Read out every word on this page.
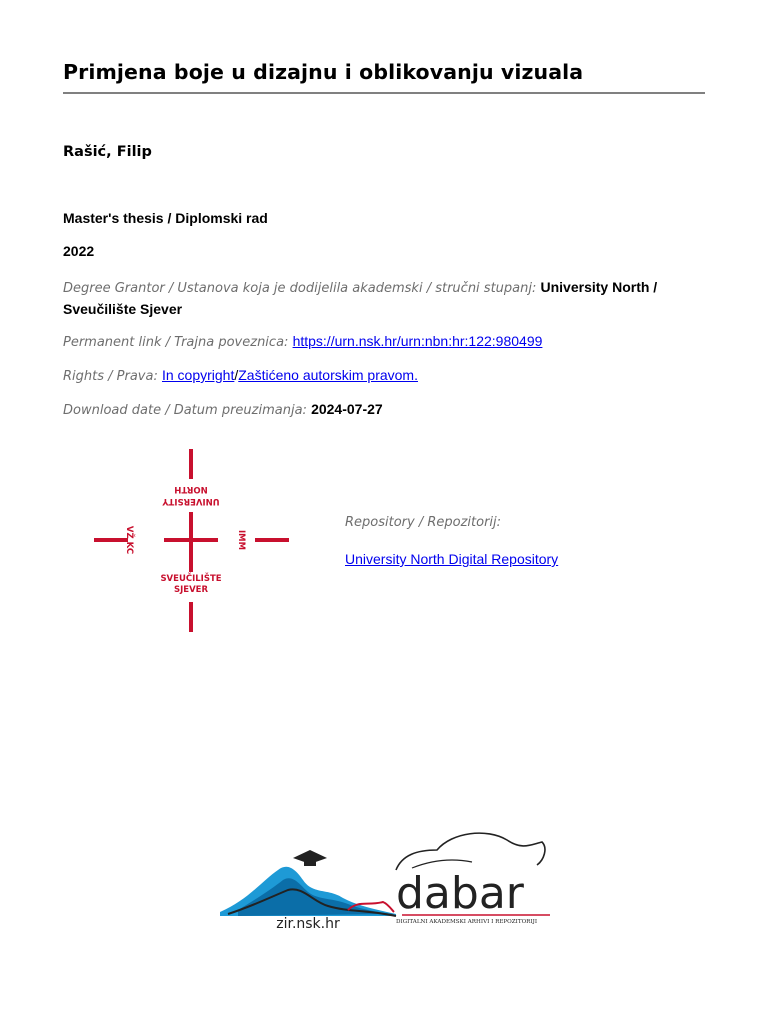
Primjena boje u dizajnu i oblikovanju vizuala
Rašić, Filip
Master's thesis / Diplomski rad
2022
Degree Grantor / Ustanova koja je dodijelila akademski / stručni stupanj: University North / Sveučilište Sjever
Permanent link / Trajna poveznica: https://urn.nsk.hr/urn:nbn:hr:122:980499
Rights / Prava: In copyright/Zaštićeno autorskim pravom.
Download date / Datum preuzimanja: 2024-07-27
UNIVERSITY
NORTH
VŽ KC	IMM
SVEUČILIŠTE
SJEVER
Repository / Repozitorij:
University North Digital Repository
zir.nsk.hr
dabar
DIGITALNI AKADEMSKI ARHIVI I REPOZITORIJI
